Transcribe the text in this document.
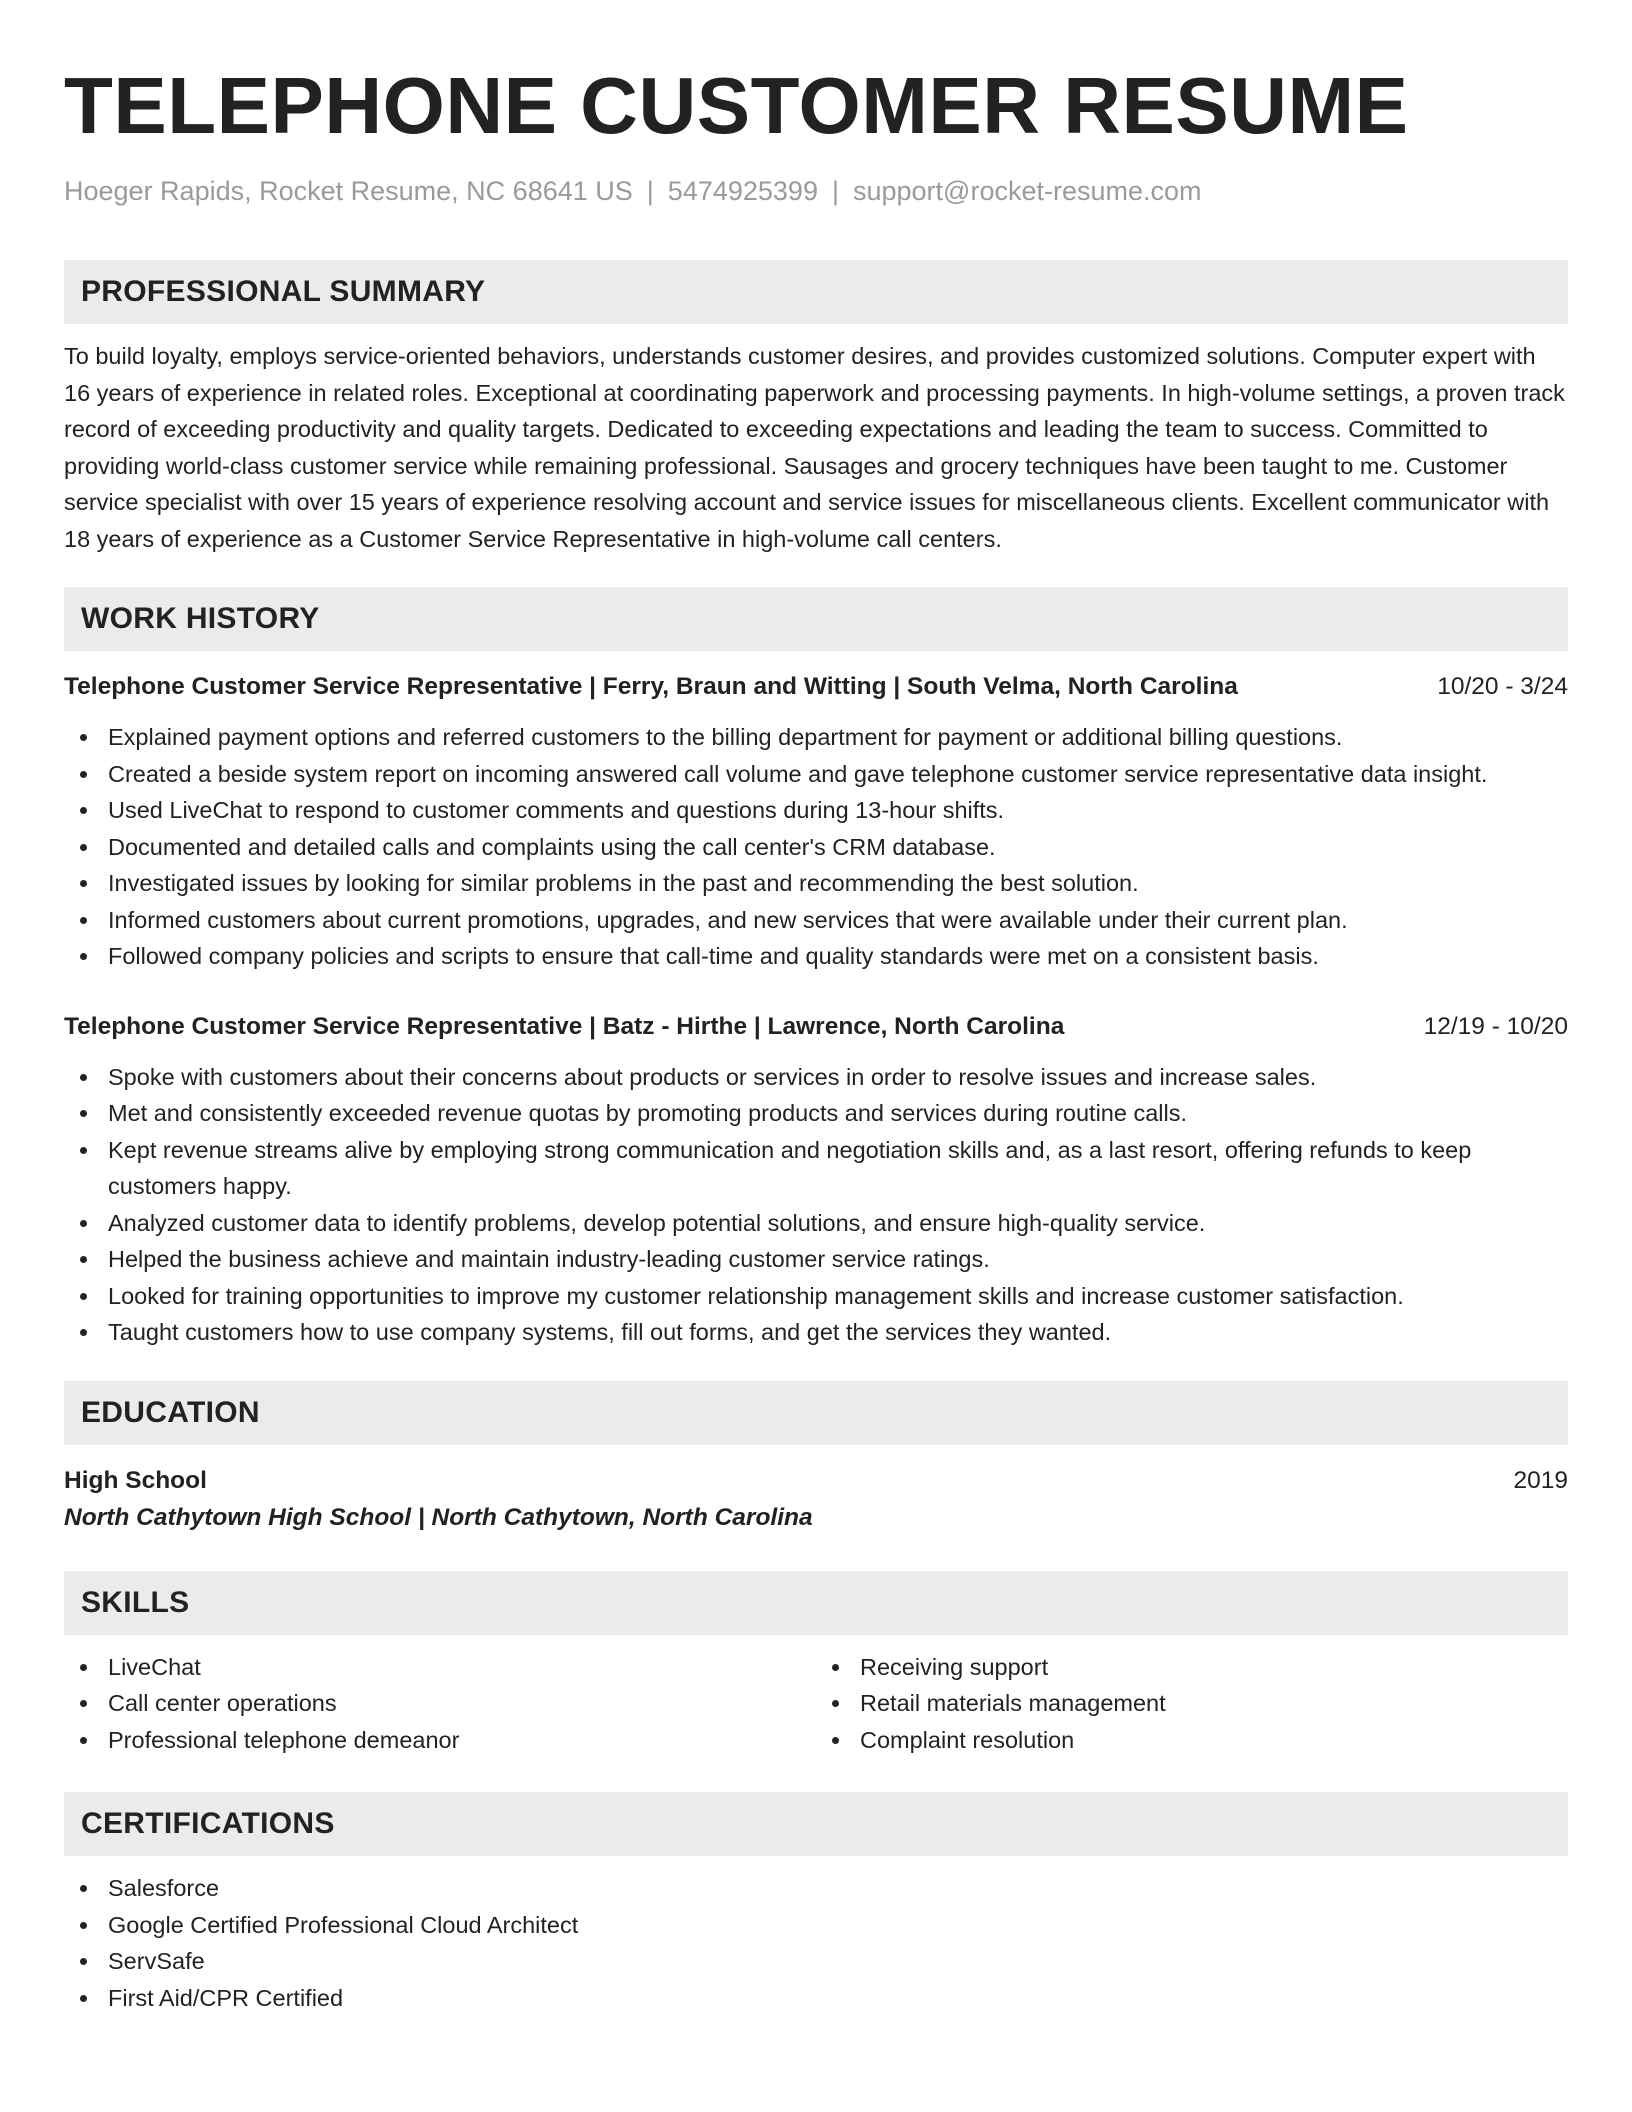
TELEPHONE CUSTOMER RESUME
Hoeger Rapids, Rocket Resume, NC 68641 US | 5474925399 | support@rocket-resume.com
PROFESSIONAL SUMMARY

To build loyalty, employs service-oriented behaviors, understands customer desires, and provides customized solutions. Computer expert with 16 years of experience in related roles. Exceptional at coordinating paperwork and processing payments. In high-volume settings, a proven track record of exceeding productivity and quality targets. Dedicated to exceeding expectations and leading the team to success. Committed to providing world-class customer service while remaining professional. Sausages and grocery techniques have been taught to me. Customer service specialist with over 15 years of experience resolving account and service issues for miscellaneous clients. Excellent communicator with 18 years of experience as a Customer Service Representative in high-volume call centers.

WORK HISTORY
Telephone Customer Service Representative | Ferry, Braun and Witting | South Velma, North Carolina	10/20 - 3/24
Explained payment options and referred customers to the billing department for payment or additional billing questions.
Created a beside system report on incoming answered call volume and gave telephone customer service representative data insight.
Used LiveChat to respond to customer comments and questions during 13-hour shifts.
Documented and detailed calls and complaints using the call center's CRM database.
Investigated issues by looking for similar problems in the past and recommending the best solution.
Informed customers about current promotions, upgrades, and new services that were available under their current plan.
Followed company policies and scripts to ensure that call-time and quality standards were met on a consistent basis.
Telephone Customer Service Representative | Batz - Hirthe | Lawrence, North Carolina	12/19 - 10/20
Spoke with customers about their concerns about products or services in order to resolve issues and increase sales.
Met and consistently exceeded revenue quotas by promoting products and services during routine calls.
Kept revenue streams alive by employing strong communication and negotiation skills and, as a last resort, offering refunds to keep customers happy.
Analyzed customer data to identify problems, develop potential solutions, and ensure high-quality service.
Helped the business achieve and maintain industry-leading customer service ratings.
Looked for training opportunities to improve my customer relationship management skills and increase customer satisfaction.
Taught customers how to use company systems, fill out forms, and get the services they wanted.
EDUCATION
High School	2019
North Cathytown High School | North Cathytown, North Carolina
SKILLS
LiveChat
Call center operations
Professional telephone demeanor
Receiving support
Retail materials management
Complaint resolution
CERTIFICATIONS
Salesforce
Google Certified Professional Cloud Architect
ServSafe
First Aid/CPR Certified
